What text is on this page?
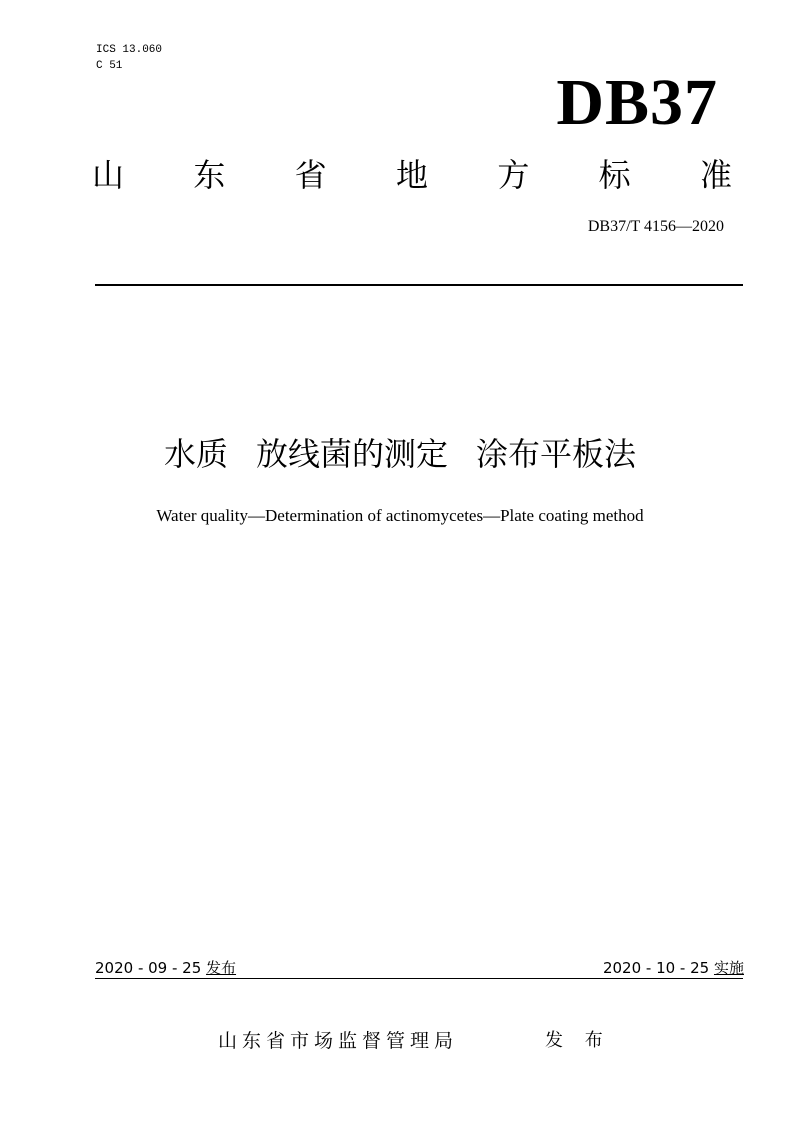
ICS 13.060
C 51	DB37
山 东 省 地 方 标 准
DB37/T 4156—2020
水质 放线菌的测定 涂布平板法
Water quality—Determination of actinomycetes—Plate coating method
2020 - 09 - 25 发布	2020 - 10 - 25 实施
山东省市场监督管理局	发 布
